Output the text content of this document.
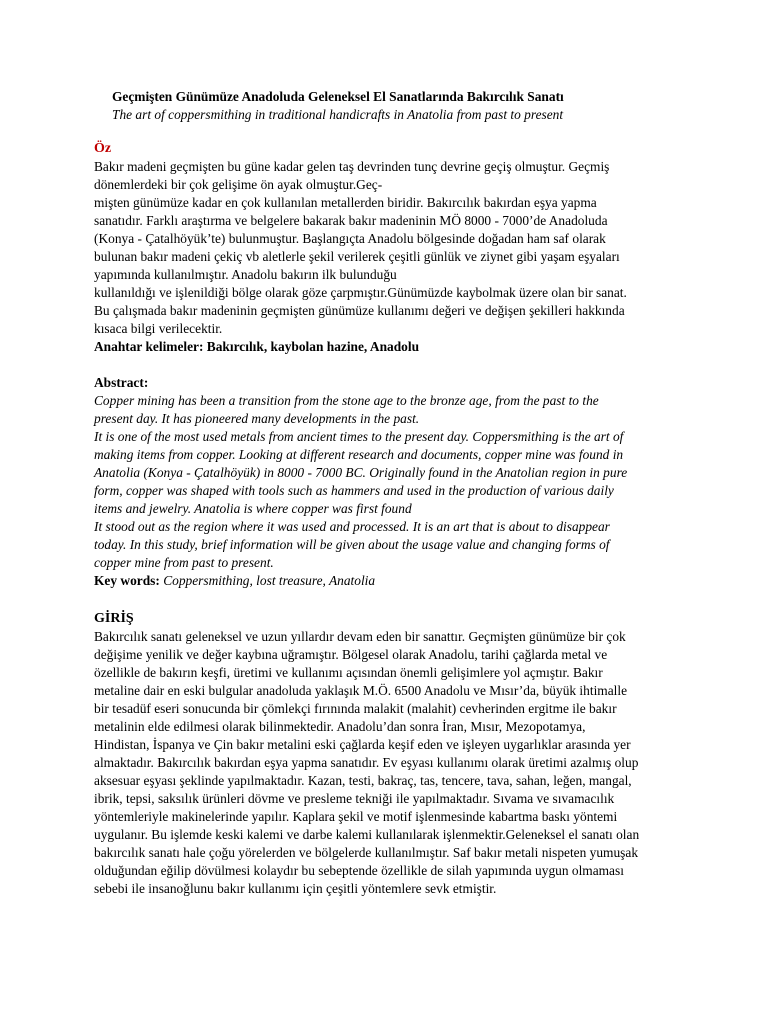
Geçmişten Günümüze Anadoluda Geleneksel El Sanatlarında Bakırcılık Sanatı
The art of coppersmithing in traditional handicrafts in Anatolia from past to present
Öz
Bakır madeni geçmişten bu güne kadar gelen taş devrinden tunç devrine geçiş olmuştur. Geçmiş
dönemlerdeki bir çok gelişime ön ayak olmuştur.Geç-
mişten günümüze kadar en çok kullanılan metallerden biridir. Bakırcılık bakırdan eşya yapma
sanatıdır. Farklı araştırma ve belgelere bakarak bakır madeninin MÖ 8000 - 7000’de Anadoluda
(Konya - Çatalhöyük’te) bulunmuştur. Başlangıçta Anadolu bölgesinde doğadan ham saf olarak
bulunan bakır madeni çekiç vb aletlerle şekil verilerek çeşitli günlük ve ziynet gibi yaşam eşyaları
yapımında kullanılmıştır. Anadolu bakırın ilk bulunduğu
kullanıldığı ve işlenildiği bölge olarak göze çarpmıştır.Günümüzde kaybolmak üzere olan bir sanat.
Bu çalışmada bakır madeninin geçmişten günümüze kullanımı değeri ve değişen şekilleri hakkında
kısaca bilgi verilecektir.
Anahtar kelimeler: Bakırcılık, kaybolan hazine, Anadolu
Abstract:
Copper mining has been a transition from the stone age to the bronze age, from the past to the
present day. It has pioneered many developments in the past.
It is one of the most used metals from ancient times to the present day. Coppersmithing is the art of
making items from copper. Looking at different research and documents, copper mine was found in
Anatolia (Konya - Çatalhöyük) in 8000 - 7000 BC. Originally found in the Anatolian region in pure
form, copper was shaped with tools such as hammers and used in the production of various daily
items and jewelry. Anatolia is where copper was first found
It stood out as the region where it was used and processed. It is an art that is about to disappear
today. In this study, brief information will be given about the usage value and changing forms of
copper mine from past to present.
Key words: Coppersmithing, lost treasure, Anatolia
GİRİŞ
Bakırcılık sanatı geleneksel ve uzun yıllardır devam eden bir sanattır. Geçmişten günümüze bir çok
değişime yenilik ve değer kaybına uğramıştır. Bölgesel olarak Anadolu, tarihi çağlarda metal ve
özellikle de bakırın keşfi, üretimi ve kullanımı açısından önemli gelişimlere yol açmıştır. Bakır
metaline dair en eski bulgular anadoluda yaklaşık M.Ö. 6500 Anadolu ve Mısır’da, büyük ihtimalle
bir tesadüf eseri sonucunda bir çömlekçi fırınında malakit (malahit) cevherinden ergitme ile bakır
metalinin elde edilmesi olarak bilinmektedir. Anadolu’dan sonra İran, Mısır, Mezopotamya,
Hindistan, İspanya ve Çin bakır metalini eski çağlarda keşif eden ve işleyen uygarlıklar arasında yer
almaktadır. Bakırcılık bakırdan eşya yapma sanatıdır. Ev eşyası kullanımı olarak üretimi azalmış olup
aksesuar eşyası şeklinde yapılmaktadır. Kazan, testi, bakraç, tas, tencere, tava, sahan, leğen, mangal,
ibrik, tepsi, saksılık ürünleri dövme ve presleme tekniği ile yapılmaktadır. Sıvama ve sıvamacılık
yöntemleriyle makinelerinde yapılır. Kaplara şekil ve motif işlenmesinde kabartma baskı yöntemi
uygulanır. Bu işlemde keski kalemi ve darbe kalemi kullanılarak işlenmektir.Geleneksel el sanatı olan
bakırcılık sanatı hale çoğu yörelerden ve bölgelerde kullanılmıştır. Saf bakır metali nispeten yumuşak
olduğundan eğilip dövülmesi kolaydır bu sebeptende özellikle de silah yapımında uygun olmaması
sebebi ile insanoğlunu bakır kullanımı için çeşitli yöntemlere sevk etmiştir.
